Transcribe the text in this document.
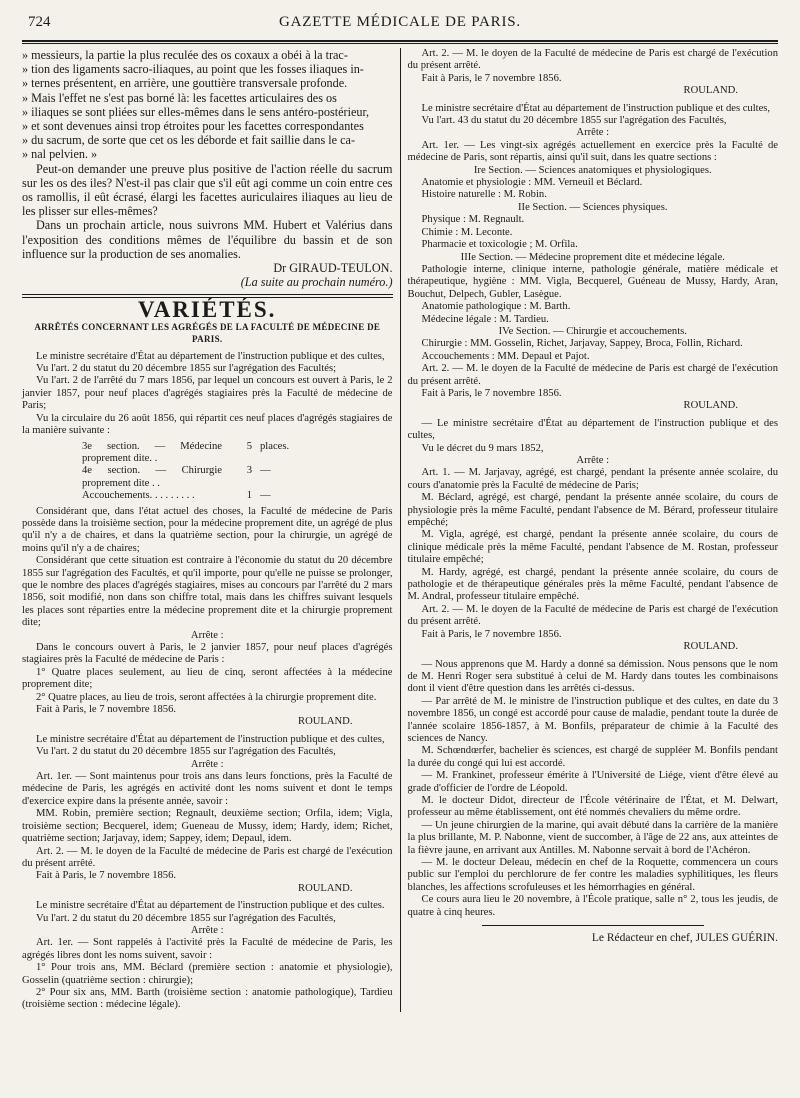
724	GAZETTE MÉDICALE DE PARIS.

» messieurs, la partie la plus reculée des os coxaux a obéi à la trac-

» tion des ligaments sacro-iliaques, au point que les fosses iliaques in-

» ternes présentent, en arrière, une gouttière transversale profonde.

» Mais l'effet ne s'est pas borné là: les facettes articulaires des os

» iliaques se sont pliées sur elles-mêmes dans le sens antéro-postérieur,

» et sont devenues ainsi trop étroites pour les facettes correspondantes

» du sacrum, de sorte que cet os les déborde et fait saillie dans le ca-

» nal pelvien. »

Peut-on demander une preuve plus positive de l'action réelle du sacrum sur les os des iles? N'est-il pas clair que s'il eût agi comme un coin entre ces os ramollis, il eût écrasé, élargi les facettes auriculaires iliaques au lieu de les plisser sur elles-mêmes?

Dans un prochain article, nous suivrons MM. Hubert et Valérius dans l'exposition des conditions mêmes de l'équilibre du bassin et de son influence sur la production de ses anomalies.

Dr GIRAUD-TEULON.

(La suite au prochain numéro.)

VARIÉTÉS.
ARRÊTÉS CONCERNANT LES AGRÉGÉS DE LA FACULTÉ DE MÉDECINE DE PARIS.

Le ministre secrétaire d'État au département de l'instruction publique et des cultes,

Vu l'art. 2 du statut du 20 décembre 1855 sur l'agrégation des Facultés;

Vu l'art. 2 de l'arrêté du 7 mars 1856, par lequel un concours est ouvert à Paris, le 2 janvier 1857, pour neuf places d'agrégés stagiaires près la Faculté de médecine de Paris;

Vu la circulaire du 26 août 1856, qui répartit ces neuf places d'agrégés stagiaires de la manière suivante :

3e section. — Médecine proprement dite. .
5 places.
4e section. — Chirurgie proprement dite . .
3 —
Accouchements. . . . . . . . .	1 —

Considérant que, dans l'état actuel des choses, la Faculté de médecine de Paris possède dans la troisième section, pour la médecine proprement dite, un agrégé de plus qu'il n'y a de chaires, et dans la quatrième section, pour la chirurgie, un agrégé de moins qu'il n'y a de chaires;

Considérant que cette situation est contraire à l'économie du statut du 20 décembre 1855 sur l'agrégation des Facultés, et qu'il importe, pour qu'elle ne puisse se prolonger, que le nombre des places d'agrégés stagiaires, mises au concours par l'arrêté du 2 mars 1856, soit modifié, non dans son chiffre total, mais dans les chiffres suivant lesquels les places sont réparties entre la médecine proprement dite et la chirurgie proprement dite;

Arrête :

Dans le concours ouvert à Paris, le 2 janvier 1857, pour neuf places d'agrégés stagiaires près la Faculté de médecine de Paris :

1° Quatre places seulement, au lieu de cinq, seront affectées à la médecine proprement dite;

2° Quatre places, au lieu de trois, seront affectées à la chirurgie proprement dite.

Fait à Paris, le 7 novembre 1856.

ROULAND.

Le ministre secrétaire d'État au département de l'instruction publique et des cultes,

Vu l'art. 2 du statut du 20 décembre 1855 sur l'agrégation des Facultés,

Arrête :

Art. 1er. — Sont maintenus pour trois ans dans leurs fonctions, près la Faculté de médecine de Paris, les agrégés en activité dont les noms suivent et dont le temps d'exercice expire dans la présente année, savoir :

MM. Robin, première section; Regnault, deuxième section; Orfila, idem; Vigla, troisième section; Becquerel, idem; Gueneau de Mussy, idem; Hardy, idem; Richet, quatrième section; Jarjavay, idem; Sappey, idem; Depaul, idem.

Art. 2. — M. le doyen de la Faculté de médecine de Paris est chargé de l'exécution du présent arrêté.

Fait à Paris, le 7 novembre 1856.

ROULAND.

Le ministre secrétaire d'État au département de l'instruction publique et des cultes.

Vu l'art. 2 du statut du 20 décembre 1855 sur l'agrégation des Facultés,

Arrête :

Art. 1er. — Sont rappelés à l'activité près la Faculté de médecine de Paris, les agrégés libres dont les noms suivent, savoir :

1° Pour trois ans, MM. Béclard (première section : anatomie et physiologie), Gosselin (quatrième section : chirurgie);

2° Pour six ans, MM. Barth (troisième section : anatomie pathologique), Tardieu (troisième section : médecine légale).

Art. 2. — M. le doyen de la Faculté de médecine de Paris est chargé de l'exécution du présent arrêté.

Fait à Paris, le 7 novembre 1856.

ROULAND.

Le ministre secrétaire d'État au département de l'instruction publique et des cultes,

Vu l'art. 43 du statut du 20 décembre 1855 sur l'agrégation des Facultés,

Arrête :

Art. 1er. — Les vingt-six agrégés actuellement en exercice près la Faculté de médecine de Paris, sont répartis, ainsi qu'il suit, dans les quatre sections :

Ire Section. — Sciences anatomiques et physiologiques.

Anatomie et physiologie : MM. Verneuil et Béclard.

Histoire naturelle : M. Robin.

IIe Section. — Sciences physiques.

Physique : M. Regnault.

Chimie : M. Leconte.

Pharmacie et toxicologie ; M. Orfila.

IIIe Section. — Médecine proprement dite et médecine légale.

Pathologie interne, clinique interne, pathologie générale, matière médicale et thérapeutique, hygiène : MM. Vigla, Becquerel, Guéneau de Mussy, Hardy, Aran, Bouchut, Delpech, Gubler, Lasègue.

Anatomie pathologique : M. Barth.

Médecine légale : M. Tardieu.

IVe Section. — Chirurgie et accouchements.

Chirurgie : MM. Gosselin, Richet, Jarjavay, Sappey, Broca, Follin, Richard.

Accouchements : MM. Depaul et Pajot.

Art. 2. — M. le doyen de la Faculté de médecine de Paris est chargé de l'exécution du présent arrêté.

Fait à Paris, le 7 novembre 1856.

ROULAND.

— Le ministre secrétaire d'État au département de l'instruction publique et des cultes,

Vu le décret du 9 mars 1852,

Arrête :

Art. 1. — M. Jarjavay, agrégé, est chargé, pendant la présente année scolaire, du cours d'anatomie près la Faculté de médecine de Paris;

M. Béclard, agrégé, est chargé, pendant la présente année scolaire, du cours de physiologie près la même Faculté, pendant l'absence de M. Bérard, professeur titulaire empêché;

M. Vigla, agrégé, est chargé, pendant la présente année scolaire, du cours de clinique médicale près la même Faculté, pendant l'absence de M. Rostan, professeur titulaire empêché;

M. Hardy, agrégé, est chargé, pendant la présente année scolaire, du cours de pathologie et de thérapeutique générales près la même Faculté, pendant l'absence de M. Andral, professeur titulaire empêché.

Art. 2. — M. le doyen de la Faculté de médecine de Paris est chargé de l'exécution du présent arrêté.

Fait à Paris, le 7 novembre 1856.

ROULAND.

— Nous apprenons que M. Hardy a donné sa démission. Nous pensons que le nom de M. Henri Roger sera substitué à celui de M. Hardy dans toutes les combinaisons dont il vient d'être question dans les arrêtés ci-dessus.

— Par arrêté de M. le ministre de l'instruction publique et des cultes, en date du 3 novembre 1856, un congé est accordé pour cause de maladie, pendant toute la durée de l'année scolaire 1856-1857, à M. Bonfils, préparateur de chimie à la Faculté des sciences de Nancy.

M. Schœndœrfer, bachelier ès sciences, est chargé de suppléer M. Bonfils pendant la durée du congé qui lui est accordé.

— M. Frankinet, professeur émérite à l'Université de Liége, vient d'être élevé au grade d'officier de l'ordre de Léopold.

M. le docteur Didot, directeur de l'École vétérinaire de l'État, et M. Delwart, professeur au même établissement, ont été nommés chevaliers du même ordre.

— Un jeune chirurgien de la marine, qui avait débuté dans la carrière de la manière la plus brillante, M. P. Nabonne, vient de succomber, à l'âge de 22 ans, aux atteintes de la fièvre jaune, en arrivant aux Antilles. M. Nabonne servait à bord de l'Achéron.

— M. le docteur Deleau, médecin en chef de la Roquette, commencera un cours public sur l'emploi du perchlorure de fer contre les maladies syphilitiques, les fleurs blanches, les affections scrofuleuses et les hémorrhagies en général.

Ce cours aura lieu le 20 novembre, à l'École pratique, salle n° 2, tous les jeudis, de quatre à cinq heures.

Le Rédacteur en chef, JULES GUÉRIN.
